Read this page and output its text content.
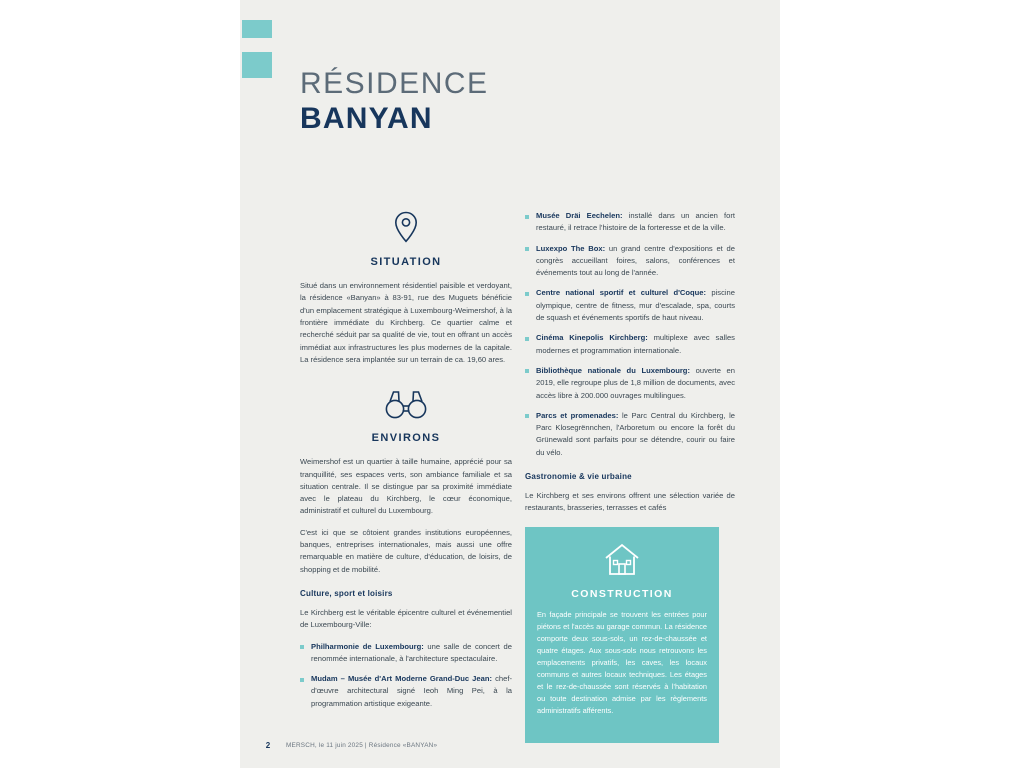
RÉSIDENCE
BANYAN
SITUATION

Situé dans un environnement résidentiel paisible et verdoyant, la résidence «Banyan» à 83-91, rue des Muguets bénéficie d'un emplacement stratégique à Luxembourg-Weimershof, à la frontière immédiate du Kirchberg. Ce quartier calme et recherché séduit par sa qualité de vie, tout en offrant un accès immédiat aux infrastructures les plus modernes de la capitale. La résidence sera implantée sur un terrain de ca. 19,60 ares.

ENVIRONS

Weimershof est un quartier à taille humaine, apprécié pour sa tranquillité, ses espaces verts, son ambiance familiale et sa situation centrale. Il se distingue par sa proximité immédiate avec le plateau du Kirchberg, le cœur économique, administratif et culturel du Luxembourg.

C'est ici que se côtoient grandes institutions européennes, banques, entreprises internationales, mais aussi une offre remarquable en matière de culture, d'éducation, de loisirs, de shopping et de mobilité.

Culture, sport et loisirs

Le Kirchberg est le véritable épicentre culturel et événementiel de Luxembourg-Ville:

Philharmonie de Luxembourg: une salle de concert de renommée internationale, à l'architecture spectaculaire.
Mudam – Musée d'Art Moderne Grand-Duc Jean: chef-d'œuvre architectural signé Ieoh Ming Pei, à la programmation artistique exigeante.
Musée Dräi Eechelen: installé dans un ancien fort restauré, il retrace l'histoire de la forteresse et de la ville.
Luxexpo The Box: un grand centre d'expositions et de congrès accueillant foires, salons, conférences et événements tout au long de l'année.
Centre national sportif et culturel d'Coque: piscine olympique, centre de fitness, mur d'escalade, spa, courts de squash et événements sportifs de haut niveau.
Cinéma Kinepolis Kirchberg: multiplexe avec salles modernes et programmation internationale.
Bibliothèque nationale du Luxembourg: ouverte en 2019, elle regroupe plus de 1,8 million de documents, avec accès libre à 200.000 ouvrages multilingues.
Parcs et promenades: le Parc Central du Kirchberg, le Parc Klosegrënnchen, l'Arboretum ou encore la forêt du Grünewald sont parfaits pour se détendre, courir ou faire du vélo.
Gastronomie & vie urbaine

Le Kirchberg et ses environs offrent une sélection variée de restaurants, brasseries, terrasses et cafés

CONSTRUCTION

En façade principale se trouvent les entrées pour piétons et l'accès au garage commun. La résidence comporte deux sous-sols, un rez-de-chaussée et quatre étages. Aux sous-sols nous retrouvons les emplacements privatifs, les caves, les locaux communs et autres locaux techniques. Les étages et le rez-de-chaussée sont réservés à l'habitation ou toute destination admise par les règlements administratifs afférents.

2	MERSCH, le 11 juin 2025 | Résidence «BANYAN»
